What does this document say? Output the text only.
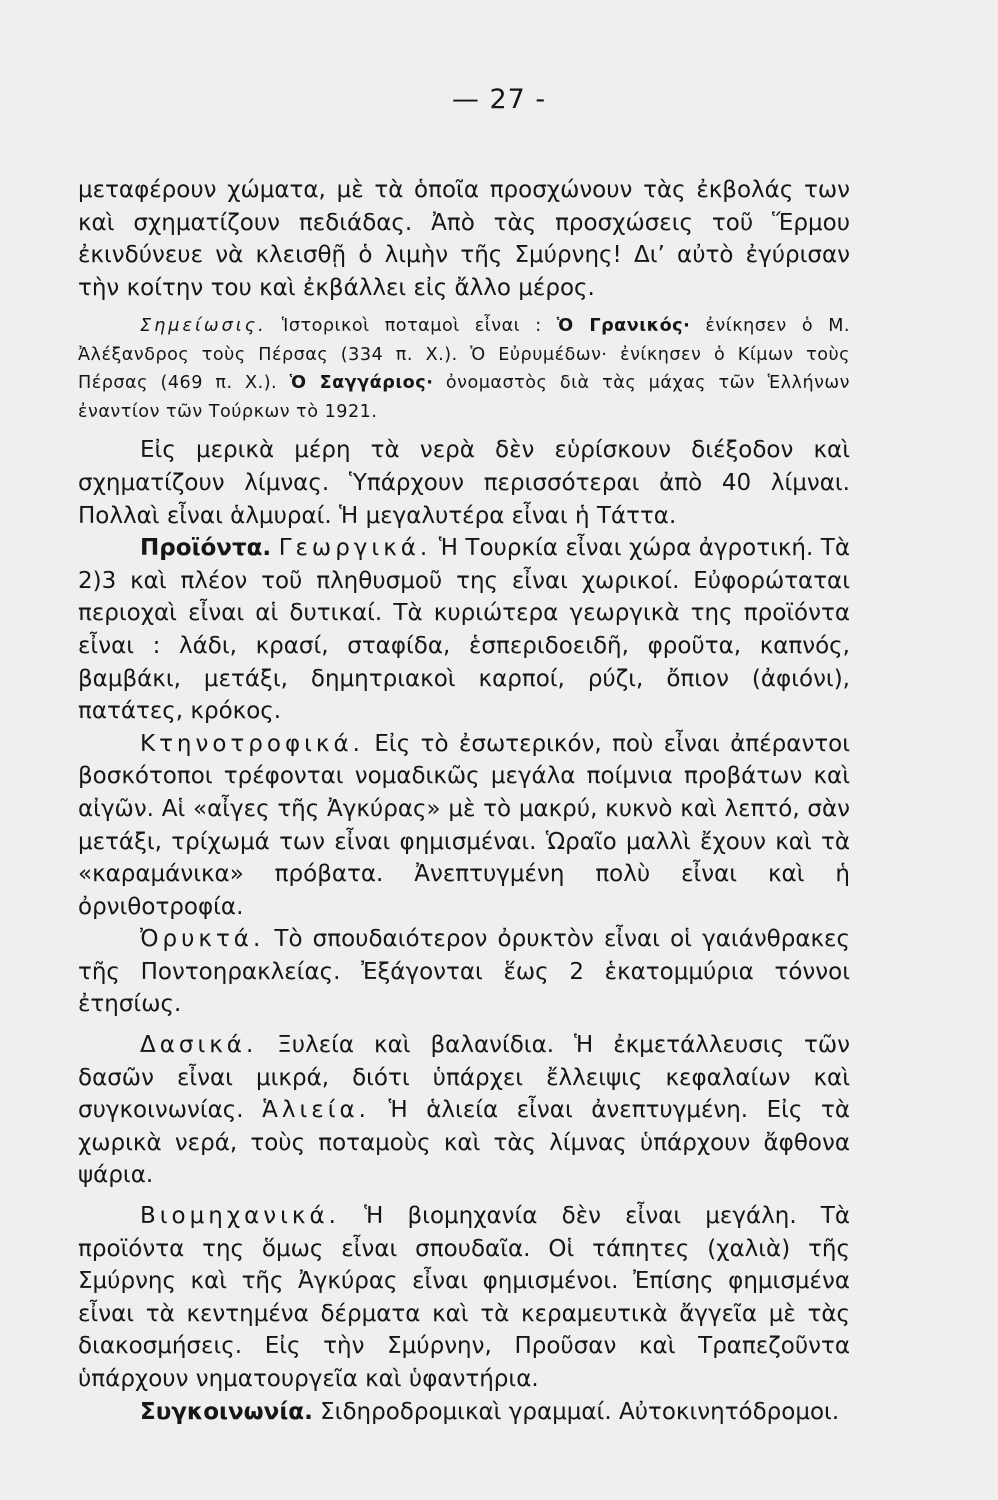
— 27 -

μεταφέρουν χώματα, μὲ τὰ ὁποῖα προσχώνουν τὰς ἐκβολάς των καὶ σχηματίζουν πεδιάδας. Ἀπὸ τὰς προσχώσεις τοῦ Ἕρμου ἐκινδύνευε νὰ κλεισθῇ ὁ λιμὴν τῆς Σμύρνης! Δι’ αὐτὸ ἐγύρισαν τὴν κοίτην του καὶ ἐκβάλλει εἰς ἄλλο μέρος.

Σημείωσις. Ἱστορικοὶ ποταμοὶ εἶναι : Ὁ Γρανικός· ἐνίκησεν ὁ Μ. Ἀλέξανδρος τοὺς Πέρσας (334 π. Χ.). Ὁ Εὐρυμέδων· ἐνίκησεν ὁ Κίμων τοὺς Πέρσας (469 π. Χ.). Ὁ Σαγγάριος· ὀνομαστὸς διὰ τὰς μάχας τῶν Ἑλλήνων ἐναντίον τῶν Τούρκων τὸ 1921.

Εἰς μερικὰ μέρη τὰ νερὰ δὲν εὑρίσκουν διέξοδον καὶ σχηματίζουν λίμνας. Ὑπάρχουν περισσότεραι ἀπὸ 40 λίμναι. Πολλαὶ εἶναι ἁλμυραί. Ἡ μεγαλυτέρα εἶναι ἡ Τάττα.

Προϊόντα. Γεωργικά. Ἡ Τουρκία εἶναι χώρα ἀγροτική. Τὰ 2)3 καὶ πλέον τοῦ πληθυσμοῦ της εἶναι χωρικοί. Εὐφορώταται περιοχαὶ εἶναι αἱ δυτικαί. Τὰ κυριώτερα γεωργικὰ της προϊόντα εἶναι : λάδι, κρασί, σταφίδα, ἑσπεριδοειδῆ, φροῦτα, καπνός, βαμβάκι, μετάξι, δημητριακοὶ καρποί, ρύζι, ὄπιον (ἀφιόνι), πατάτες, κρόκος.

Κτηνοτροφικά. Εἰς τὸ ἐσωτερικόν, ποὺ εἶναι ἀπέραντοι βοσκότοποι τρέφονται νομαδικῶς μεγάλα ποίμνια προβάτων καὶ αἰγῶν. Αἱ «αἶγες τῆς Ἀγκύρας» μὲ τὸ μακρύ, κυκνὸ καὶ λεπτό, σὰν μετάξι, τρίχωμά των εἶναι φημισμέναι. Ὡραῖο μαλλὶ ἔχουν καὶ τὰ «καραμάνικα» πρόβατα. Ἀνεπτυγμένη πολὺ εἶναι καὶ ἡ ὀρνιθοτροφία.

Ὀρυκτά. Τὸ σπουδαιότερον ὀρυκτὸν εἶναι οἱ γαιάνθρακες τῆς Ποντοηρακλείας. Ἐξάγονται ἕως 2 ἑκατομμύρια τόννοι ἐτησίως.

Δασικά. Ξυλεία καὶ βαλανίδια. Ἡ ἐκμετάλλευσις τῶν δασῶν εἶναι μικρά, διότι ὑπάρχει ἔλλειψις κεφαλαίων καὶ συγκοινωνίας. Ἁλιεία. Ἡ ἁλιεία εἶναι ἀνεπτυγμένη. Εἰς τὰ χωρικὰ νερά, τοὺς ποταμοὺς καὶ τὰς λίμνας ὑπάρχουν ἄφθονα ψάρια.

Βιομηχανικά. Ἡ βιομηχανία δὲν εἶναι μεγάλη. Τὰ προϊόντα της ὅμως εἶναι σπουδαῖα. Οἱ τάπητες (χαλιὰ) τῆς Σμύρνης καὶ τῆς Ἀγκύρας εἶναι φημισμένοι. Ἐπίσης φημισμένα εἶναι τὰ κεντημένα δέρματα καὶ τὰ κεραμευτικὰ ἄγγεῖα μὲ τὰς διακοσμήσεις. Εἰς τὴν Σμύρνην, Προῦσαν καὶ Τραπεζοῦντα ὑπάρχουν νηματουργεῖα καὶ ὑφαντήρια.

Συγκοινωνία. Σιδηροδρομικαὶ γραμμαί. Αὐτοκινητόδρομοι.
